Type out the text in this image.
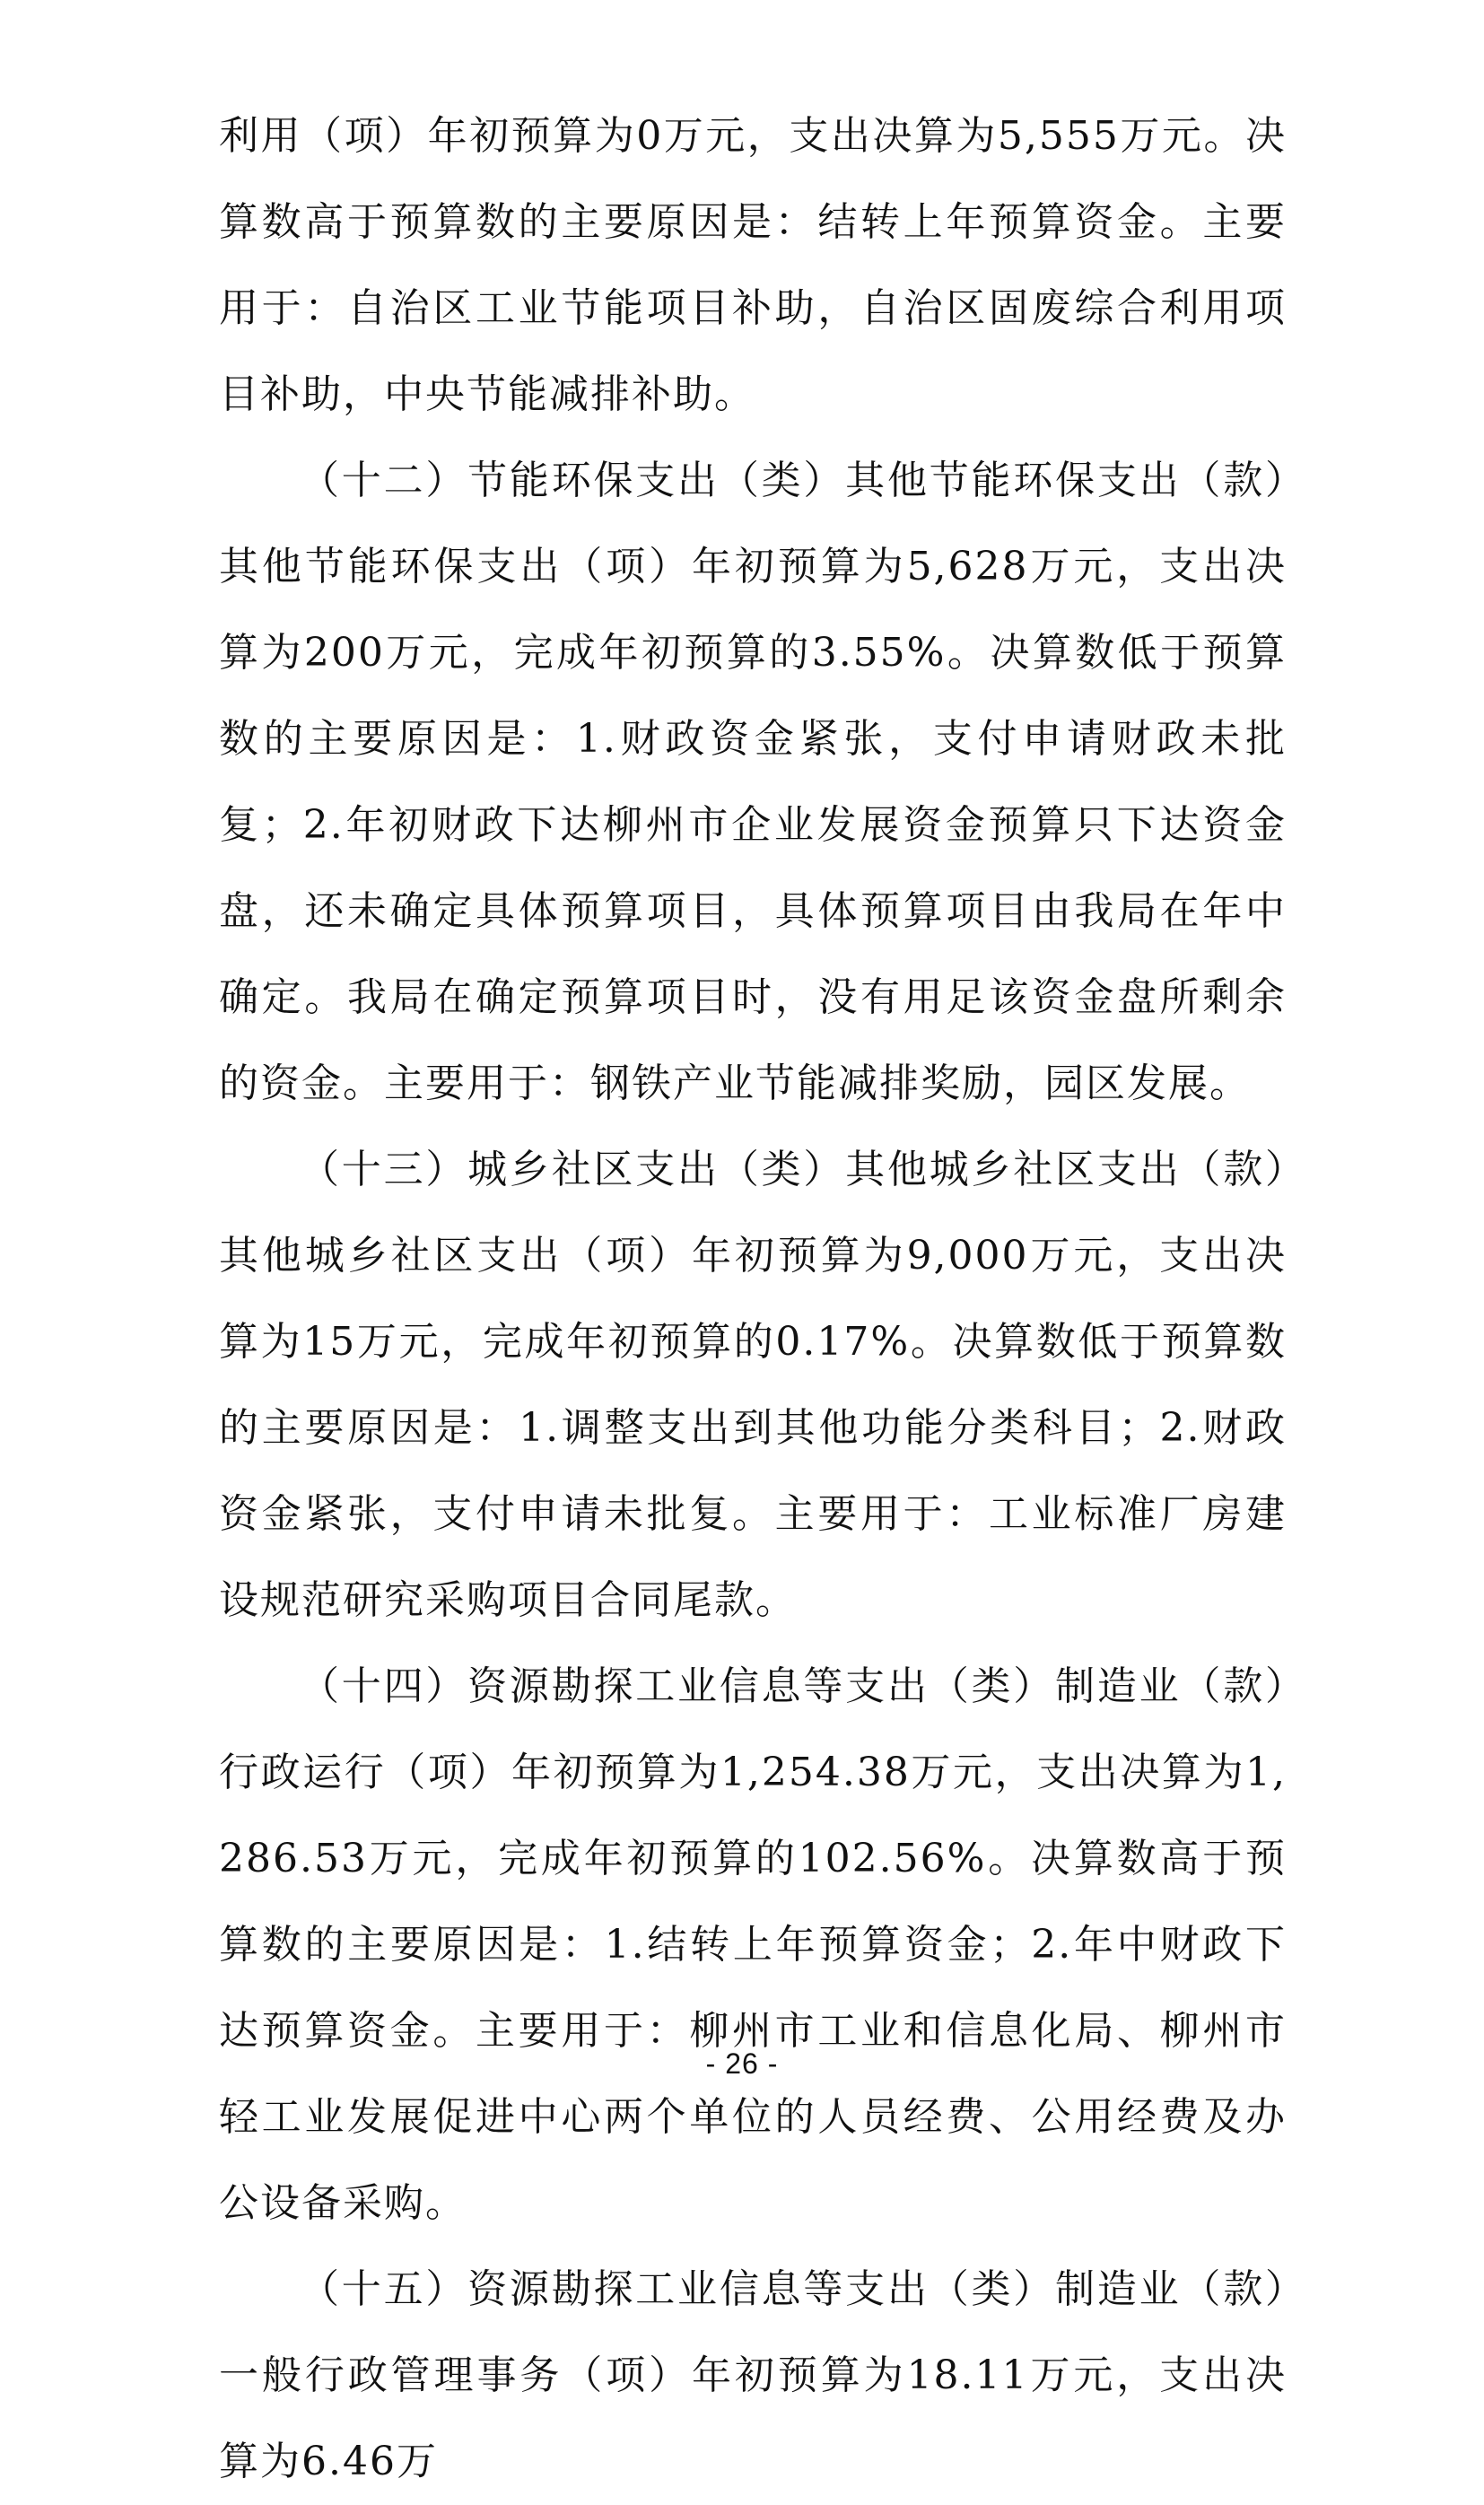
利用（项）年初预算为0万元，支出决算为5,555万元。决算数高于预算数的主要原因是：结转上年预算资金。主要用于：自治区工业节能项目补助，自治区固废综合利用项目补助，中央节能减排补助。

（十二）节能环保支出（类）其他节能环保支出（款）其他节能环保支出（项）年初预算为5,628万元，支出决算为200万元，完成年初预算的3.55%。决算数低于预算数的主要原因是：1.财政资金紧张，支付申请财政未批复；2.年初财政下达柳州市企业发展资金预算只下达资金盘，还未确定具体预算项目，具体预算项目由我局在年中确定。我局在确定预算项目时，没有用足该资金盘所剩余的资金。主要用于：钢铁产业节能减排奖励，园区发展。

（十三）城乡社区支出（类）其他城乡社区支出（款）其他城乡社区支出（项）年初预算为9,000万元，支出决算为15万元，完成年初预算的0.17%。决算数低于预算数的主要原因是：1.调整支出到其他功能分类科目；2.财政资金紧张，支付申请未批复。主要用于：工业标准厂房建设规范研究采购项目合同尾款。

（十四）资源勘探工业信息等支出（类）制造业（款）行政运行（项）年初预算为1,254.38万元，支出决算为1,286.53万元，完成年初预算的102.56%。决算数高于预算数的主要原因是：1.结转上年预算资金；2.年中财政下达预算资金。主要用于：柳州市工业和信息化局、柳州市轻工业发展促进中心两个单位的人员经费、公用经费及办公设备采购。

（十五）资源勘探工业信息等支出（类）制造业（款）一般行政管理事务（项）年初预算为18.11万元，支出决算为6.46万

- 26 -
